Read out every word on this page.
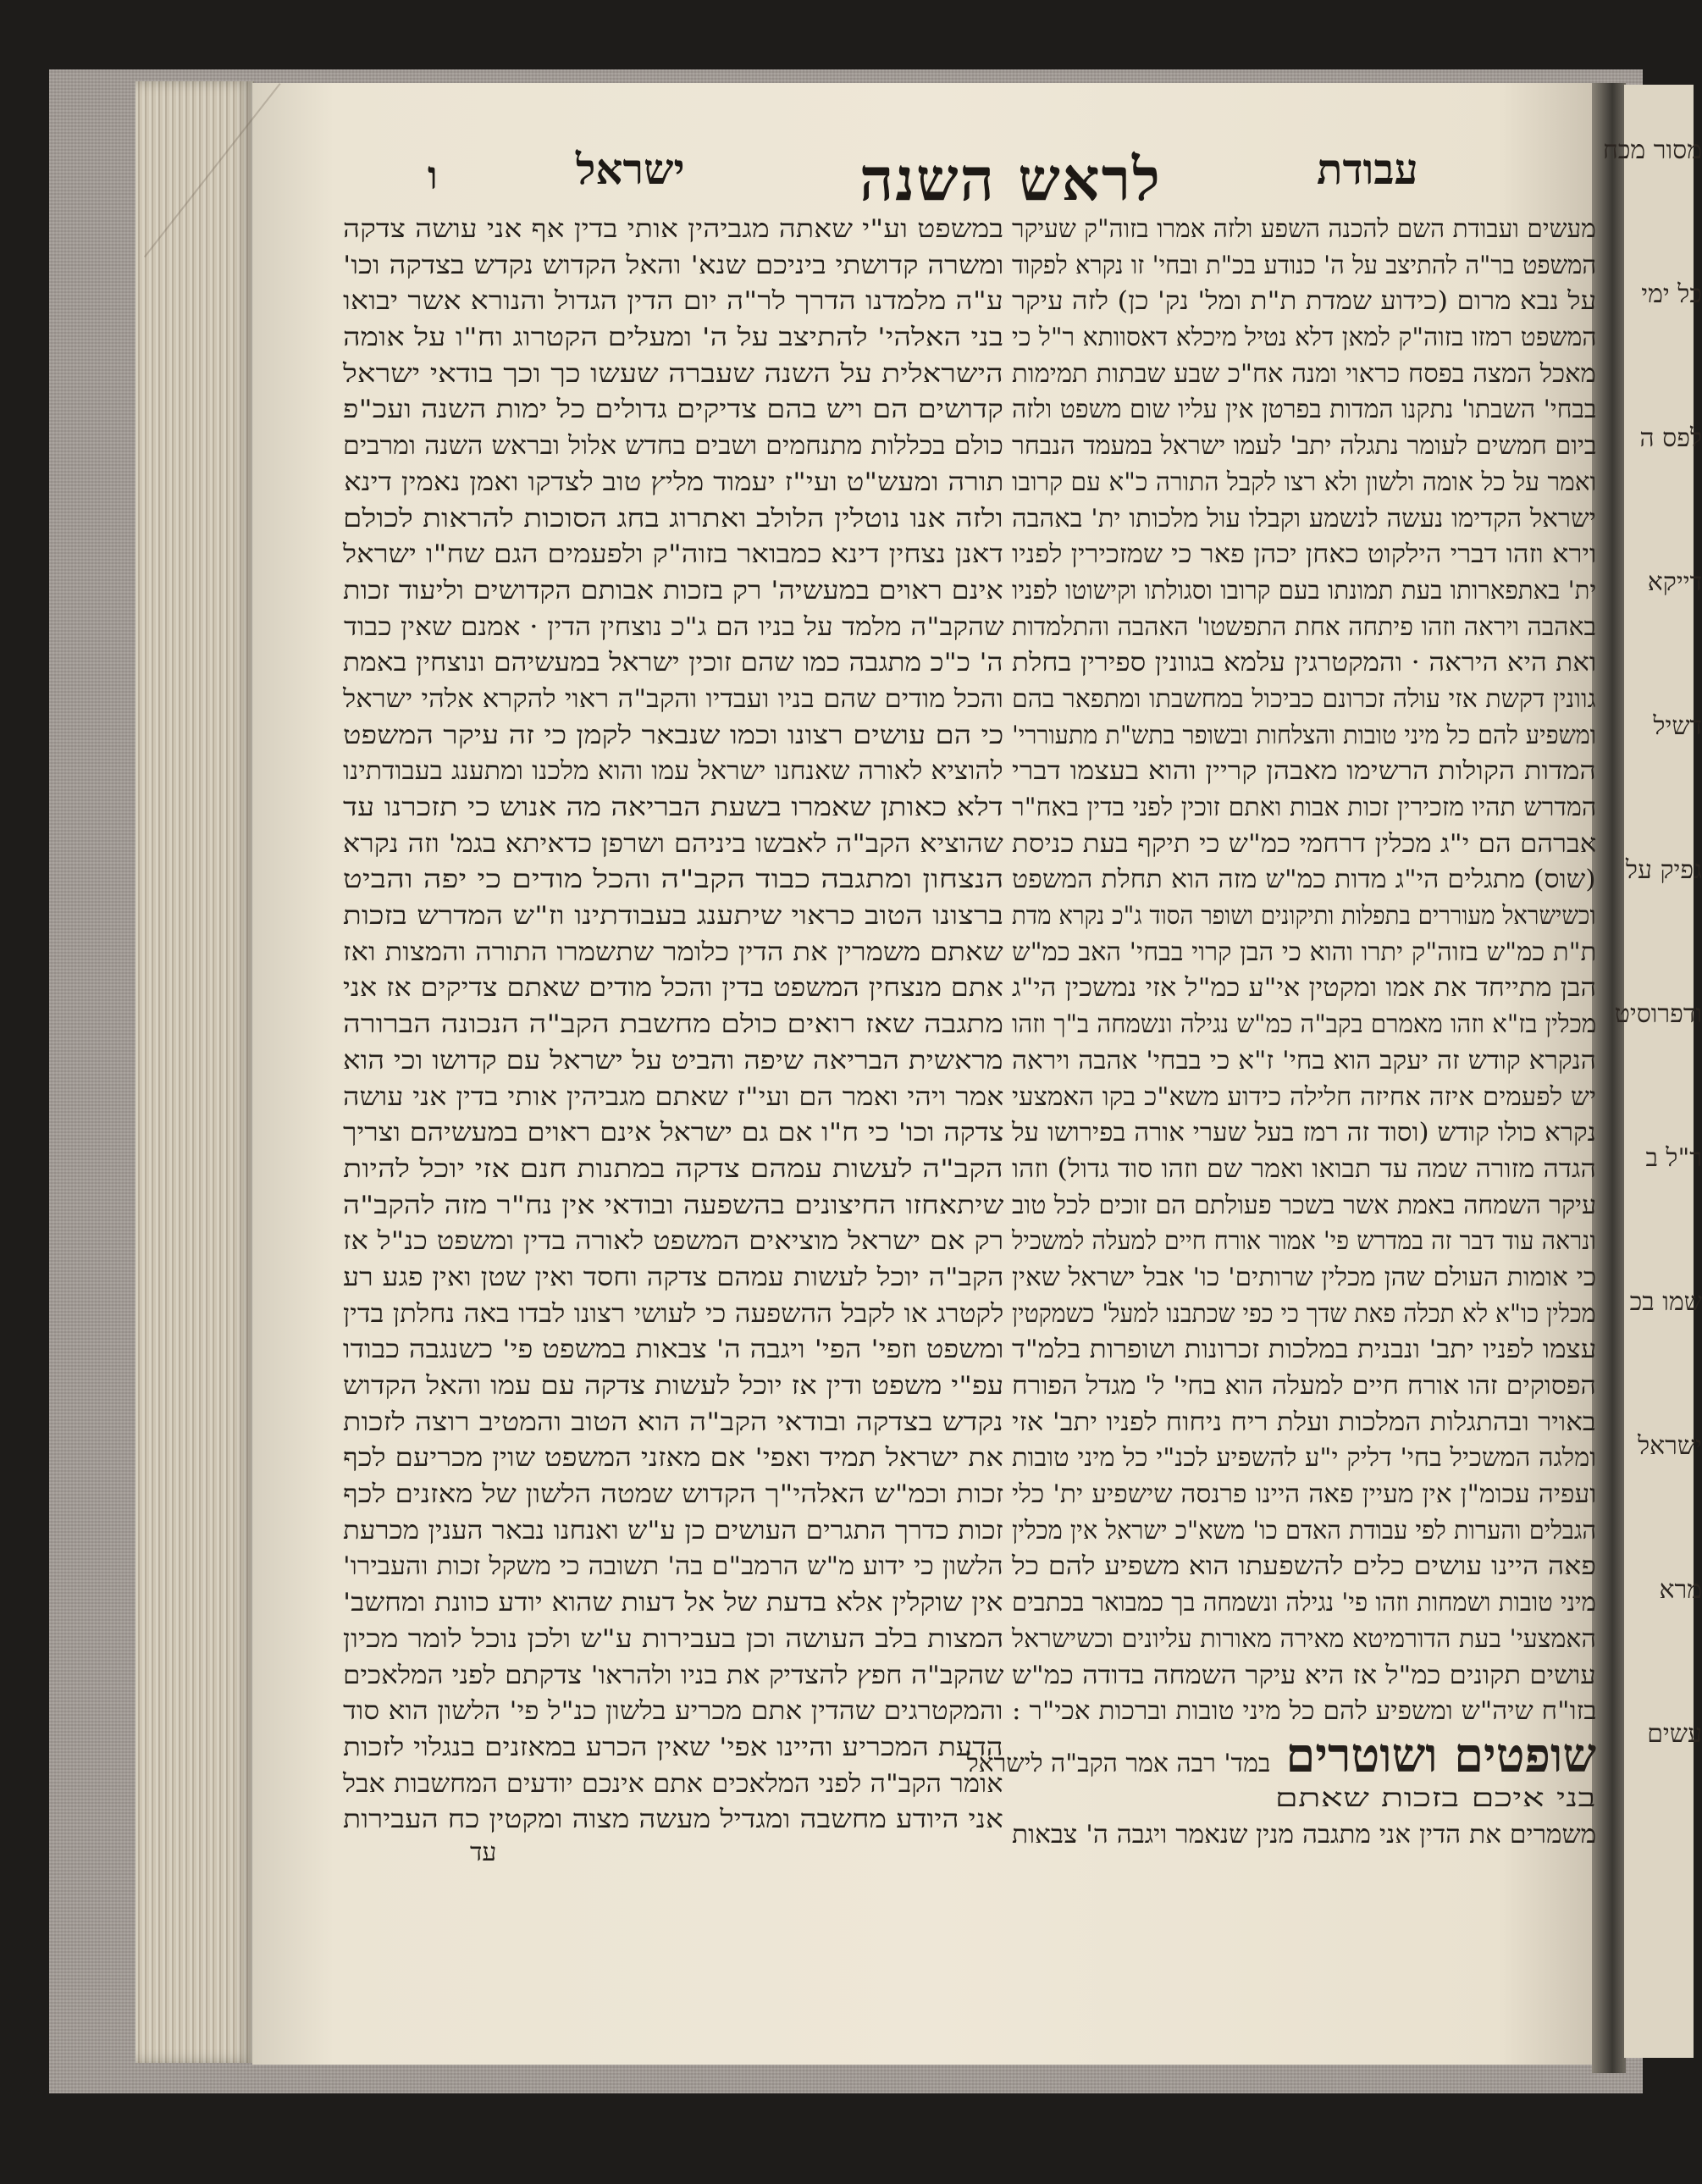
מסור מכח
כל ימי
לפס ה
דייקא
דשיל
גפיק על
ודפרוסיט
ר"ל ב
שמו בכ
ישראל
מרא
עשים
לראש השנה	עבודת
ישראל
ו
במשפט וע"י שאתה מגביהין אותי בדין אף אני עושה צדקה
ומשרה קדושתי ביניכם שנא' והאל הקדוש נקדש בצדקה וכו'
ע"ה מלמדנו הדרך לר"ה יום הדין הגדול והנורא אשר יבואו
בני האלהי' להתיצב על ה' ומעלים הקטרוג וח"ו על אומה
הישראלית על השנה שעברה שעשו כך וכך בודאי ישראל
קדושים הם ויש בהם צדיקים גדולים כל ימות השנה ועכ"פ
כולם בכללות מתנחמים ושבים בחדש אלול ובראש השנה ומרבים
תורה ומעש"ט ועי"ז יעמוד מליץ טוב לצדקו ואמן נאמין דינא
ולזה אנו נוטלין הלולב ואתרוג בחג הסוכות להראות לכולם
דאנן נצחין דינא כמבואר בזוה"ק ולפעמים הגם שח"ו ישראל
אינם ראוים במעשיה' רק בזכות אבותם הקדושים וליעוד זכות
שהקב"ה מלמד על בניו הם ג"כ נוצחין הדין · אמנם שאין כבוד
ה' כ"כ מתגבה כמו שהם זוכין ישראל במעשיהם ונוצחין באמת
והכל מודים שהם בניו ועבדיו והקב"ה ראוי להקרא אלהי ישראל
כי הם עושים רצונו וכמו שנבאר לקמן כי זה עיקר המשפט
להוציא לאורה שאנחנו ישראל עמו והוא מלכנו ומתענג בעבודתינו
דלא כאותן שאמרו בשעת הבריאה מה אנוש כי תזכרנו עד
שהוציא הקב"ה לאבשו ביניהם ושרפן כדאיתא בגמ' וזה נקרא
הנצחון ומתגבה כבוד הקב"ה והכל מודים כי יפה והביט
ברצונו הטוב כראוי שיתענג בעבודתינו וז"ש המדרש בזכות
שאתם משמרין את הדין כלומר שתשמרו התורה והמצות ואז
אתם מנצחין המשפט בדין והכל מודים שאתם צדיקים אז אני
מתגבה שאז רואים כולם מחשבת הקב"ה הנכונה הברורה
מראשית הבריאה שיפה והביט על ישראל עם קדושו וכי הוא
אמר ויהי ואמר הם ועי"ז שאתם מגביהין אותי בדין אני עושה
צדקה וכו' כי ח"ו אם גם ישראל אינם ראוים במעשיהם וצריך
הקב"ה לעשות עמהם צדקה במתנות חנם אזי יוכל להיות
שיתאחזו החיצונים בהשפעה ובודאי אין נח"ר מזה להקב"ה
רק אם ישראל מוציאים המשפט לאורה בדין ומשפט כנ"ל אז
הקב"ה יוכל לעשות עמהם צדקה וחסד ואין שטן ואין פגע רע
לקטרג או לקבל ההשפעה כי לעושי רצונו לבדו באה נחלתן בדין
ומשפט וזפי' הפי' ויגבה ה' צבאות במשפט פי' כשנגבה כבודו
עפ"י משפט ודין אז יוכל לעשות צדקה עם עמו והאל הקדוש
נקדש בצדקה ובודאי הקב"ה הוא הטוב והמטיב רוצה לזכות
את ישראל תמיד ואפי' אם מאזני המשפט שוין מכריעם לכף
זכות וכמ"ש האלהי"ך הקדוש שמטה הלשון של מאזנים לכף
זכות כדרך התגרים העושים כן ע"ש ואנחנו נבאר הענין מכרעת
הלשון כי ידוע מ"ש הרמב"ם בה' תשובה כי משקל זכות והעבירו'
אין שוקלין אלא בדעת של אל דעות שהוא יודע כוונת ומחשב'
המצות בלב העושה וכן בעבירות ע"ש ולכן נוכל לומר מכיון
שהקב"ה חפץ להצדיק את בניו ולהראו' צדקתם לפני המלאכים
והמקטרגים שהדין אתם מכריע בלשון כנ"ל פי' הלשון הוא סוד
הדעת המכריע והיינו אפי' שאין הכרע במאזנים בנגלוי לזכות
אומר הקב"ה לפני המלאכים אתם אינכם יודעים המחשבות אבל
אני היודע מחשבה ומגדיל מעשה מצוה ומקטין כח העבירות
מעשים ועבודת השם להכנה השפע ולזה אמרו בזוה"ק שעיקר
המשפט בר"ה להתיצב על ה' כנודע בכ"ת ובחי' זו נקרא לפקוד
על נבא מרום (כידוע שמדת ת"ת ומל' נק' כן) לזה עיקר
המשפט רמזו בזוה"ק למאן דלא נטיל מיכלא דאסוותא ר"ל כי
מאכל המצה בפסח כראוי ומנה אח"כ שבע שבתות תמימות
בבחי' השבתו' נתקנו המדות בפרטן אין עליו שום משפט ולזה
ביום חמשים לעומר נתגלה יתב' לעמו ישראל במעמד הנבחר
ואמר על כל אומה ולשון ולא רצו לקבל התורה כ"א עם קרובו
ישראל הקדימו נעשה לנשמע וקבלו עול מלכותו ית' באהבה
וירא וזהו דברי הילקוט כאחן יכהן פאר כי שמזכירין לפניו
ית' באתפארותו בעת תמונתו בעם קרובו וסגולתו וקישוטו לפניו
באהבה ויראה וזהו פיתחה אחת התפשטו' האהבה והתלמדות
ואת היא היראה · והמקטרגין עלמא בגוונין ספירין בחלת
גוונין דקשת אזי עולה זכרונם כביכול במחשבתו ומתפאר בהם
ומשפיע להם כל מיני טובות והצלחות ובשופר בתש"ת מתעוררי'
המדות הקולות הרשימו מאבהן קריין והוא בעצמו דברי
המדרש תהיו מזכירין זכות אבות ואתם זוכין לפני בדין באח"ר
אברהם הם י"ג מכלין דרחמי כמ"ש כי תיקף בעת כניסת
(שוס) מתגלים הי"ג מדות כמ"ש מזה הוא תחלת המשפט
וכשישראל מעוררים בתפלות ותיקונים ושופר הסוד ג"כ נקרא מדת
ת"ת כמ"ש בזוה"ק יתרו והוא כי הבן קרוי בבחי' האב כמ"ש
הבן מתייחד את אמו ומקטין אי"ע כמ"ל אזי נמשכין הי"ג
מכלין בז"א וזהו מאמרם בקב"ה כמ"ש נגילה ונשמחה ב"ך וזהו
הנקרא קודש זה יעקב הוא בחי' ז"א כי בבחי' אהבה ויראה
יש לפעמים איזה אחיזה חלילה כידוע משא"כ בקו האמצעי
נקרא כולו קודש (וסוד זה רמז בעל שערי אורה בפירושו על
הגדה מזורה שמה עד תבואו ואמר שם וזהו סוד גדול) וזהו
עיקר השמחה באמת אשר בשכר פעולתם הם זוכים לכל טוב
ונראה עוד דבר זה במדרש פי' אמור אורח חיים למעלה למשכיל
כי אומות העולם שהן מכלין שרותים' כו' אבל ישראל שאין
מכלין כו"א לא תכלה פאת שדך כי כפי שכתבנו למעל' כשמקטין
עצמו לפניו יתב' ונבנית במלכות זכרונות ושופרות בלמ"ד
הפסוקים זהו אורח חיים למעלה הוא בחי' ל' מגדל הפורח
באויר ובהתגלות המלכות ועלת ריח ניחוח לפניו יתב' אזי
ומלגה המשכיל בחי' דליק י"ע להשפיע לכנ"י כל מיני טובות
ועפיה עכומ"ן אין מעיין פאה היינו פרנסה שישפיע ית' כלי
הגבלים והערות לפי עבודת האדם כו' משא"כ ישראל אין מכלין
פאה היינו עושים כלים להשפעתו הוא משפיע להם כל
מיני טובות ושמחות וזהו פי' נגילה ונשמחה בך כמבואר בכתבים
האמצעי' בעת הדורמיטא מאירה מאורות עליונים וכשישראל
עושים תקונים כמ"ל אז היא עיקר השמחה בדודה כמ"ש
בזו"ח שיה"ש ומשפיע להם כל מיני טובות וברכות אכי"ר :
שופטים ושוטריםבמד' רבה אמר הקב"ה לישראל
בני איכם בזכות שאתם
משמרים את הדין אני מתגבה מנין שנאמר ויגבה ה' צבאות
עד
